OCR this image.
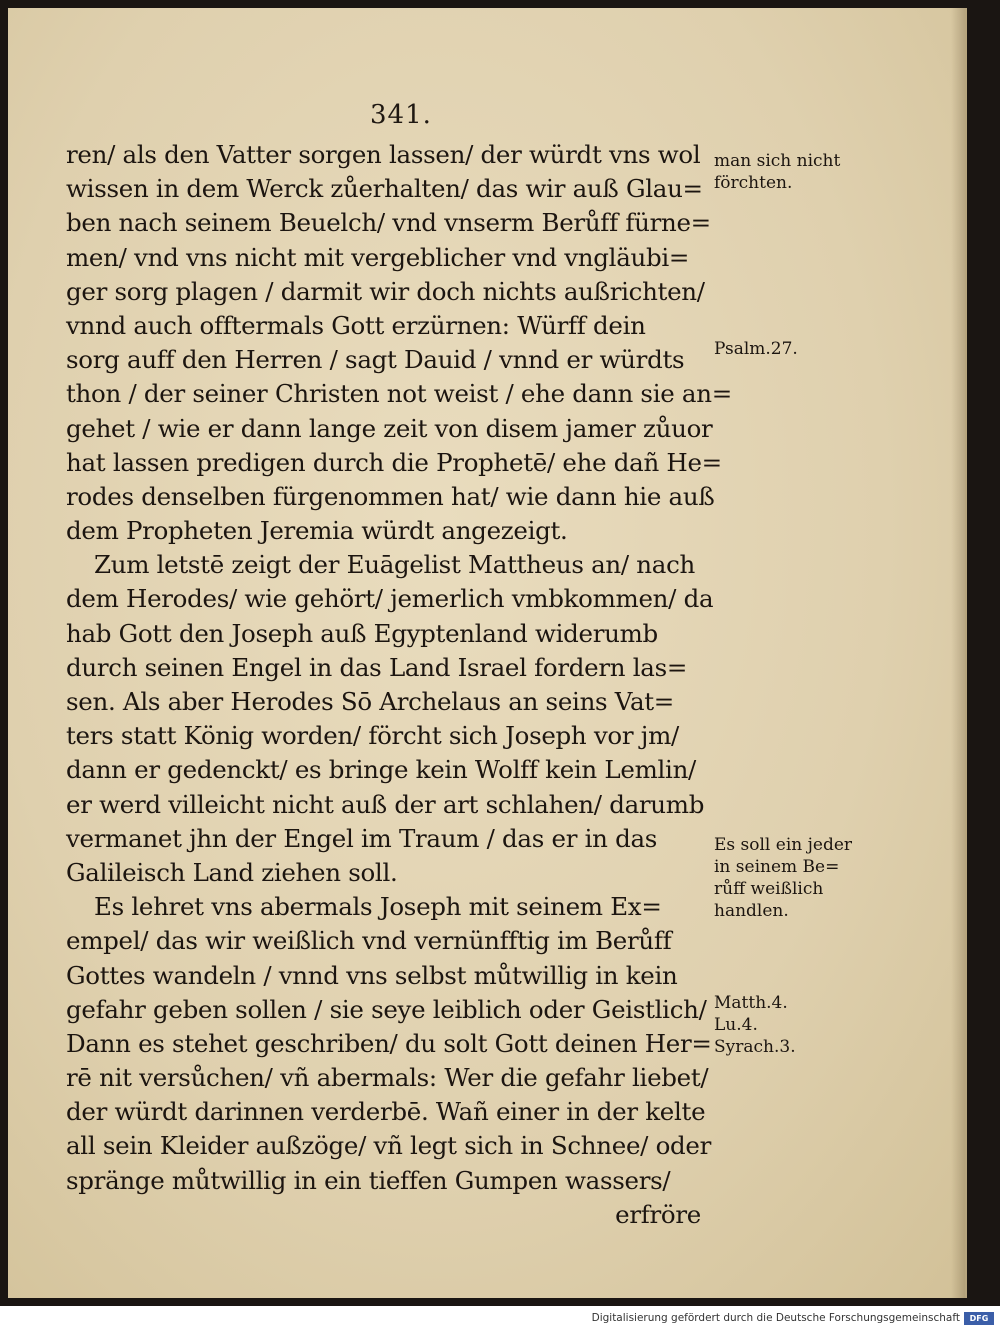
341.
ren/ als den Vatter sorgen lassen/ der würdt vns wol
wissen in dem Werck zůerhalten/ das wir auß Glau=
ben nach seinem Beuelch/ vnd vnserm Berůff fürne=
men/ vnd vns nicht mit vergeblicher vnd vngläubi=
ger sorg plagen / darmit wir doch nichts außrichten/
vnnd auch offtermals Gott erzürnen: Würff dein
sorg auff den Herren / sagt Dauid / vnnd er würdts
thon / der seiner Christen not weist / ehe dann sie an=
gehet / wie er dann lange zeit von disem jamer zůuor
hat lassen predigen durch die Prophetē/ ehe dañ He=
rodes denselben fürgenommen hat/ wie dann hie auß
dem Propheten Jeremia würdt angezeigt.
Zum letstē zeigt der Euāgelist Mattheus an/ nach
dem Herodes/ wie gehört/ jemerlich vmbkommen/ da
hab Gott den Joseph auß Egyptenland widerumb
durch seinen Engel in das Land Israel fordern las=
sen. Als aber Herodes Sō Archelaus an seins Vat=
ters statt König worden/ förcht sich Joseph vor jm/
dann er gedenckt/ es bringe kein Wolff kein Lemlin/
er werd villeicht nicht auß der art schlahen/ darumb
vermanet jhn der Engel im Traum / das er in das
Galileisch Land ziehen soll.
Es lehret vns abermals Joseph mit seinem Ex=
empel/ das wir weißlich vnd vernünfftig im Berůff
Gottes wandeln / vnnd vns selbst můtwillig in kein
gefahr geben sollen / sie seye leiblich oder Geistlich/
Dann es stehet geschriben/ du solt Gott deinen Her=
rē nit versůchen/ vñ abermals: Wer die gefahr liebet/
der würdt darinnen verderbē. Wañ einer in der kelte
all sein Kleider außzöge/ vñ legt sich in Schnee/ oder
spränge můtwillig in ein tieffen Gumpen wassers/
erfröre
man sich nicht
förchten.
Psalm.27.
Es soll ein jeder
in seinem Be=
růff weißlich
handlen.
Matth.4.
Lu.4.
Syrach.3.
Digitalisierung gefördert durch die Deutsche Forschungsgemeinschaft	DFG
